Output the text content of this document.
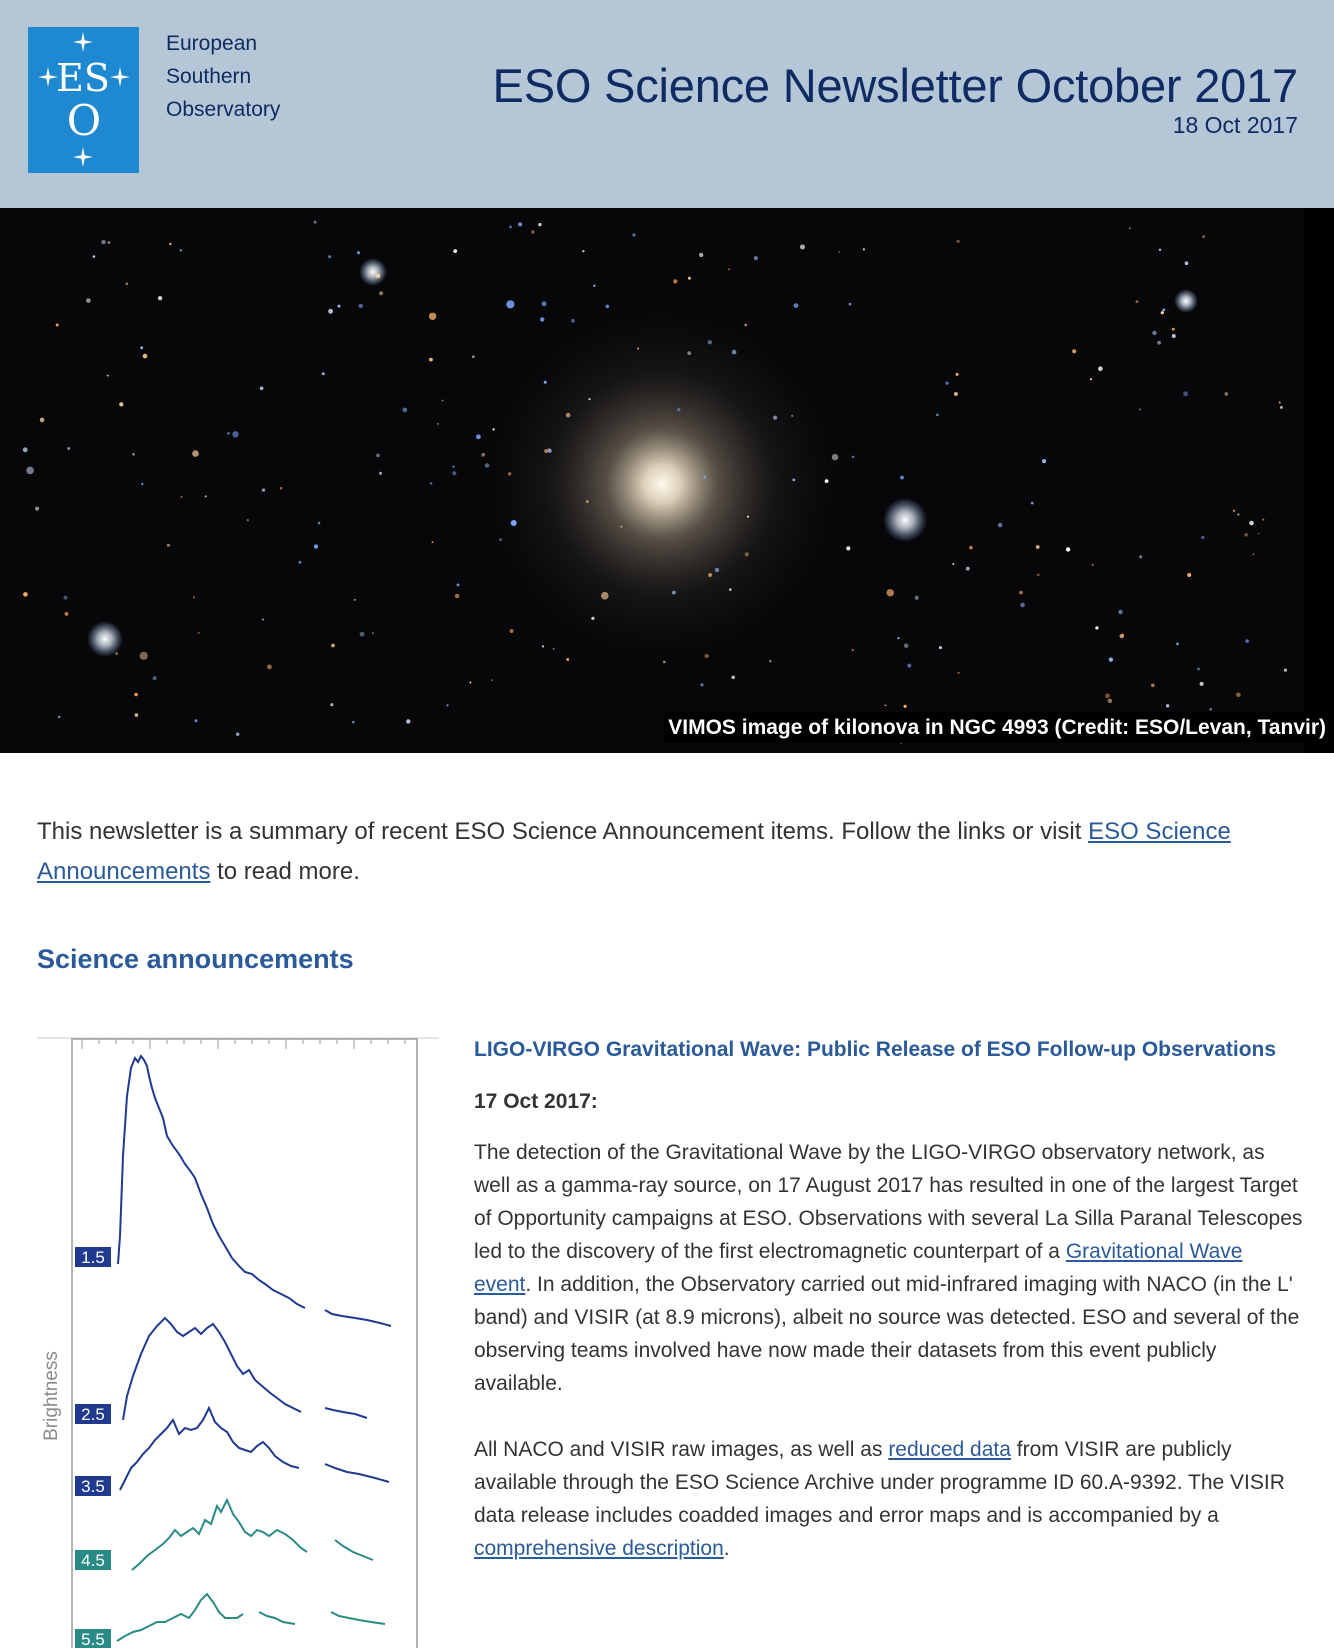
ES
O
European
Southern
Observatory	ESO Science Newsletter October 2017
18 Oct 2017
VIMOS image of kilonova in NGC 4993 (Credit: ESO/Levan, Tanvir)
This newsletter is a summary of recent ESO Science Announcement items. Follow the links or visit ESO Science Announcements to read more.
Science announcements
Brightness
1.5
2.5
3.5
4.5
5.5
LIGO-VIRGO Gravitational Wave: Public Release of ESO Follow-up Observations
17 Oct 2017:
The detection of the Gravitational Wave by the LIGO-VIRGO observatory network, as well as a gamma-ray source, on 17 August 2017 has resulted in one of the largest Target of Opportunity campaigns at ESO. Observations with several La Silla Paranal Telescopes led to the discovery of the first electromagnetic counterpart of a Gravitational Wave event. In addition, the Observatory carried out mid-infrared imaging with NACO (in the L' band) and VISIR (at 8.9 microns), albeit no source was detected. ESO and several of the observing teams involved have now made their datasets from this event publicly available.
All NACO and VISIR raw images, as well as reduced data from VISIR are publicly available through the ESO Science Archive under programme ID 60.A-9392. The VISIR data release includes coadded images and error maps and is accompanied by a comprehensive description.
